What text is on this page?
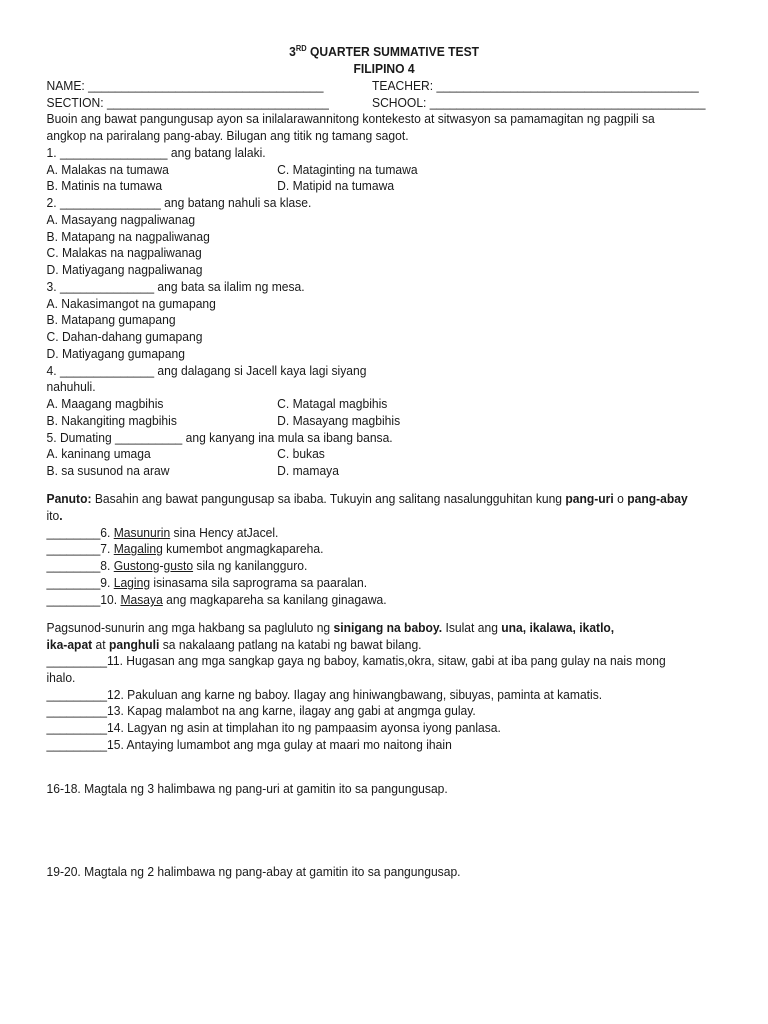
3RD QUARTER SUMMATIVE TEST
FILIPINO 4
NAME: ___________________________________	TEACHER: _______________________________________
SECTION: _________________________________	SCHOOL: _________________________________________
Buoin ang bawat pangungusap ayon sa inilalarawannitong kontekesto at sitwasyon sa pamamagitan ng pagpili sa
angkop na pariralang pang-abay. Bilugan ang titik ng tamang sagot.
1. ________________ ang batang lalaki.
A. Malakas na tumawa	C. Mataginting na tumawa
B. Matinis na tumawa	D. Matipid na tumawa
2. _______________ ang batang nahuli sa klase.
A. Masayang nagpaliwanag
B. Matapang na nagpaliwanag
C. Malakas na nagpaliwanag
D. Matiyagang nagpaliwanag
3. ______________ ang bata sa ilalim ng mesa.
A. Nakasimangot na gumapang
B. Matapang gumapang
C. Dahan-dahang gumapang
D. Matiyagang gumapang
4. ______________ ang dalagang si Jacell kaya lagi siyang
nahuhuli.
A. Maagang magbihis	C. Matagal magbihis
B. Nakangiting magbihis	D. Masayang magbihis
5. Dumating __________ ang kanyang ina mula sa ibang bansa.
A. kaninang umaga	C. bukas
B. sa susunod na araw	D. mamaya
Panuto: Basahin ang bawat pangungusap sa ibaba. Tukuyin ang salitang nasalungguhitan kung pang-uri o pang-abay
ito.
________6. Masunurin sina Hency atJacel.
________7. Magaling kumembot angmagkapareha.
________8. Gustong-gusto sila ng kanilangguro.
________9. Laging isinasama sila saprograma sa paaralan.
________10. Masaya ang magkapareha sa kanilang ginagawa.
Pagsunod-sunurin ang mga hakbang sa pagluluto ng sinigang na baboy. Isulat ang una, ikalawa, ikatlo,
ika-apat at panghuli sa nakalaang patlang na katabi ng bawat bilang.
_________11. Hugasan ang mga sangkap gaya ng baboy, kamatis,okra, sitaw, gabi at iba pang gulay na nais mong
ihalo.
_________12. Pakuluan ang karne ng baboy. Ilagay ang hiniwangbawang, sibuyas, paminta at kamatis.
_________13. Kapag malambot na ang karne, ilagay ang gabi at angmga gulay.
_________14. Lagyan ng asin at timplahan ito ng pampaasim ayonsa iyong panlasa.
_________15. Antaying lumambot ang mga gulay at maari mo naitong ihain
16-18. Magtala ng 3 halimbawa ng pang-uri at gamitin ito sa pangungusap.
19-20. Magtala ng 2 halimbawa ng pang-abay at gamitin ito sa pangungusap.
